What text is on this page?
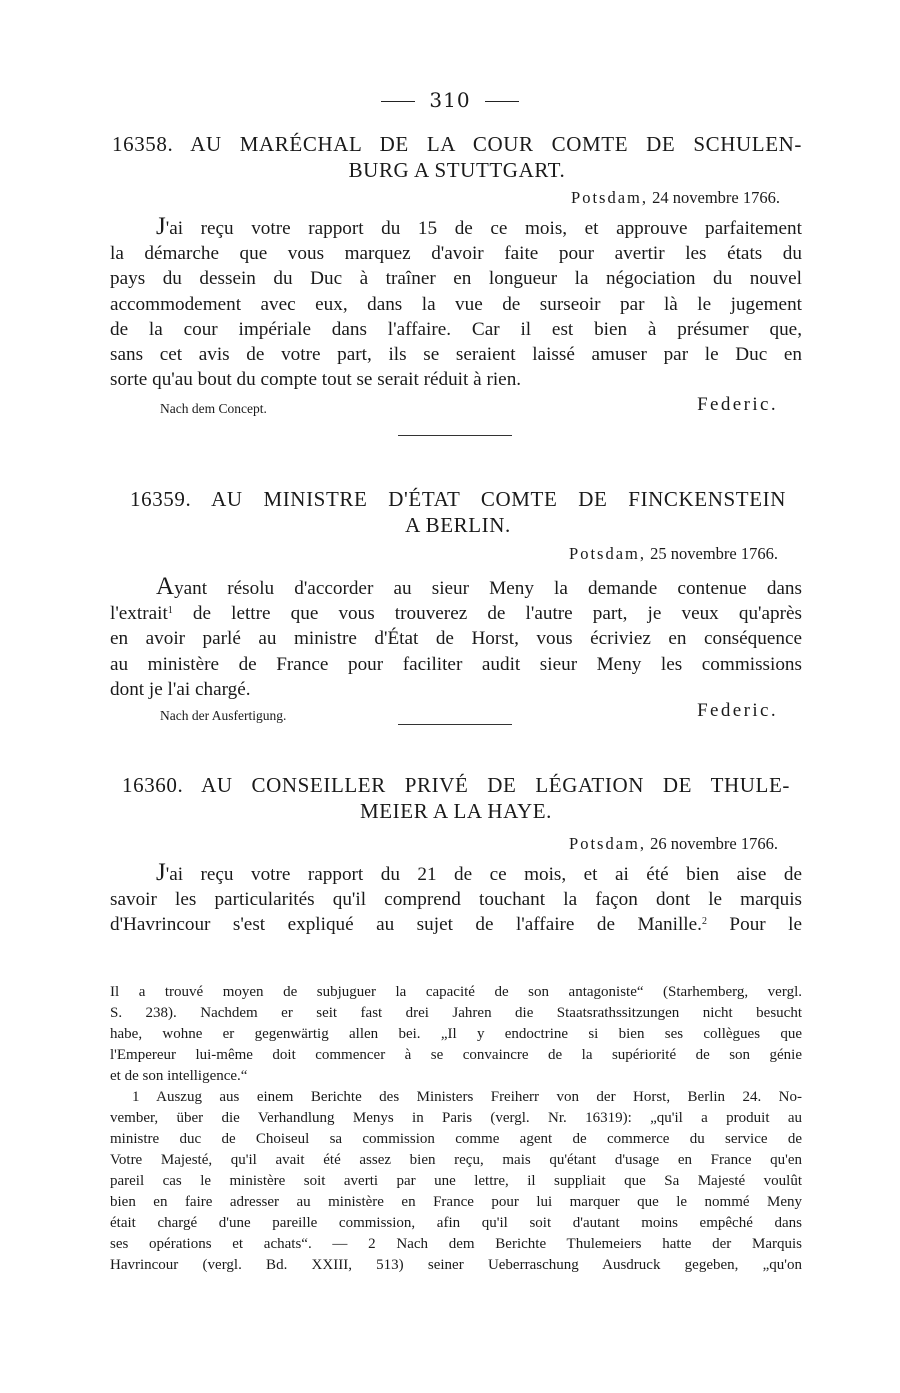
310
16358. AU MARÉCHAL DE LA COUR COMTE DE SCHULEN-
BURG A STUTTGART.
Potsdam, 24 novembre 1766.
J'ai reçu votre rapport du 15 de ce mois, et approuve parfaitement
la démarche que vous marquez d'avoir faite pour avertir les états du
pays du dessein du Duc à traîner en longueur la négociation du nouvel
accommodement avec eux, dans la vue de surseoir par là le jugement
de la cour impériale dans l'affaire. Car il est bien à présumer que,
sans cet avis de votre part, ils se seraient laissé amuser par le Duc en
sorte qu'au bout du compte tout se serait réduit à rien.
Nach dem Concept.	Federic.
16359. AU MINISTRE D'ÉTAT COMTE DE FINCKENSTEIN
A BERLIN.
Potsdam, 25 novembre 1766.
Ayant résolu d'accorder au sieur Meny la demande contenue dans
l'extrait$^1$ de lettre que vous trouverez de l'autre part, je veux qu'après
en avoir parlé au ministre d'État de Horst, vous écriviez en conséquence
au ministère de France pour faciliter audit sieur Meny les commissions
dont je l'ai chargé.
Nach der Ausfertigung.	Federic.
16360. AU CONSEILLER PRIVÉ DE LÉGATION DE THULE-
MEIER A LA HAYE.
Potsdam, 26 novembre 1766.
J'ai reçu votre rapport du 21 de ce mois, et ai été bien aise de
savoir les particularités qu'il comprend touchant la façon dont le marquis
d'Havrincour s'est expliqué au sujet de l'affaire de Manille.$^2$ Pour le
Il a trouvé moyen de subjuguer la capacité de son antagoniste“ (Starhemberg, vergl.
S. 238). Nachdem er seit fast drei Jahren die Staatsrathssitzungen nicht besucht
habe, wohne er gegenwärtig allen bei. „Il y endoctrine si bien ses collègues que
l'Empereur lui-même doit commencer à se convaincre de la supériorité de son génie
et de son intelligence.“
1 Auszug aus einem Berichte des Ministers Freiherr von der Horst, Berlin 24. No-
vember, über die Verhandlung Menys in Paris (vergl. Nr. 16319): „qu'il a produit au
ministre duc de Choiseul sa commission comme agent de commerce du service de
Votre Majesté, qu'il avait été assez bien reçu, mais qu'étant d'usage en France qu'en
pareil cas le ministère soit averti par une lettre, il suppliait que Sa Majesté voulût
bien en faire adresser au ministère en France pour lui marquer que le nommé Meny
était chargé d'une pareille commission, afin qu'il soit d'autant moins empêché dans
ses opérations et achats“. — 2 Nach dem Berichte Thulemeiers hatte der Marquis
Havrincour (vergl. Bd. XXIII, 513) seiner Ueberraschung Ausdruck gegeben, „qu'on
